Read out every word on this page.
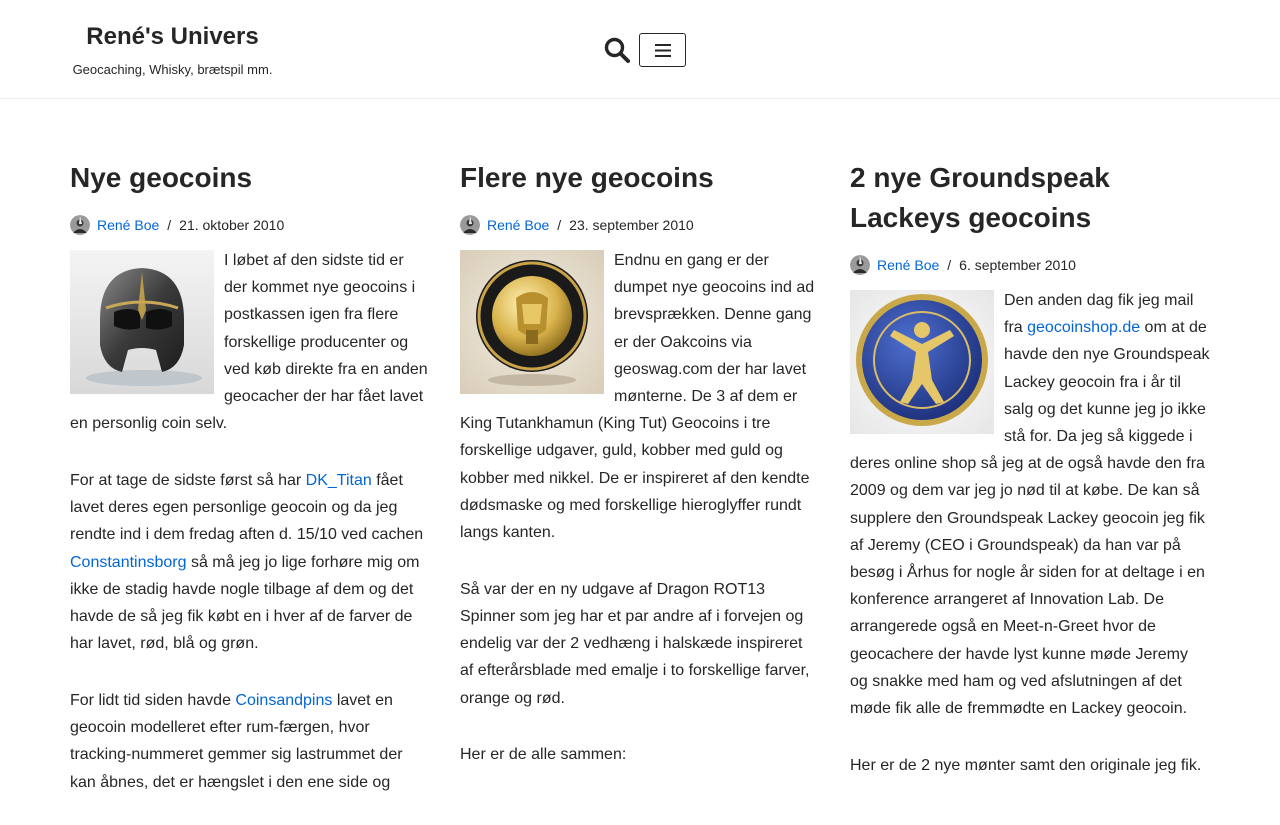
René's Univers
Geocaching, Whisky, brætspil mm.
Nye geocoins
René Boe / 21. oktober 2010

I løbet af den sidste tid er der kommet nye geocoins i postkassen igen fra flere forskellige producenter og ved køb direkte fra en anden geocacher der har fået lavet en personlig coin selv.

For at tage de sidste først så har DK_Titan fået lavet deres egen personlige geocoin og da jeg rendte ind i dem fredag aften d. 15/10 ved cachen Constantinsborg så må jeg jo lige forhøre mig om ikke de stadig havde nogle tilbage af dem og det havde de så jeg fik købt en i hver af de farver de har lavet, rød, blå og grøn.

For lidt tid siden havde Coinsandpins lavet en geocoin modelleret efter rum-færgen, hvor tracking-nummeret gemmer sig lastrummet der kan åbnes, det er hængslet i den ene side og

Flere nye geocoins
René Boe / 23. september 2010

Endnu en gang er der dumpet nye geocoins ind ad brevsprækken. Denne gang er der Oakcoins via geoswag.com der har lavet mønterne. De 3 af dem er King Tutankhamun (King Tut) Geocoins i tre forskellige udgaver, guld, kobber med guld og kobber med nikkel. De er inspireret af den kendte dødsmaske og med forskellige hieroglyffer rundt langs kanten.

Så var der en ny udgave af Dragon ROT13 Spinner som jeg har et par andre af i forvejen og endelig var der 2 vedhæng i halskæde inspireret af efterårsblade med emalje i to forskellige farver, orange og rød.

Her er de alle sammen:

2 nye Groundspeak Lackeys geocoins
René Boe / 6. september 2010

Den anden dag fik jeg mail fra geocoinshop.de om at de havde den nye Groundspeak Lackey geocoin fra i år til salg og det kunne jeg jo ikke stå for. Da jeg så kiggede i deres online shop så jeg at de også havde den fra 2009 og dem var jeg jo nød til at købe. De kan så supplere den Groundspeak Lackey geocoin jeg fik af Jeremy (CEO i Groundspeak) da han var på besøg i Århus for nogle år siden for at deltage i en konference arrangeret af Innovation Lab. De arrangerede også en Meet-n-Greet hvor de geocachere der havde lyst kunne møde Jeremy og snakke med ham og ved afslutningen af det møde fik alle de fremmødte en Lackey geocoin.

Her er de 2 nye mønter samt den originale jeg fik.
